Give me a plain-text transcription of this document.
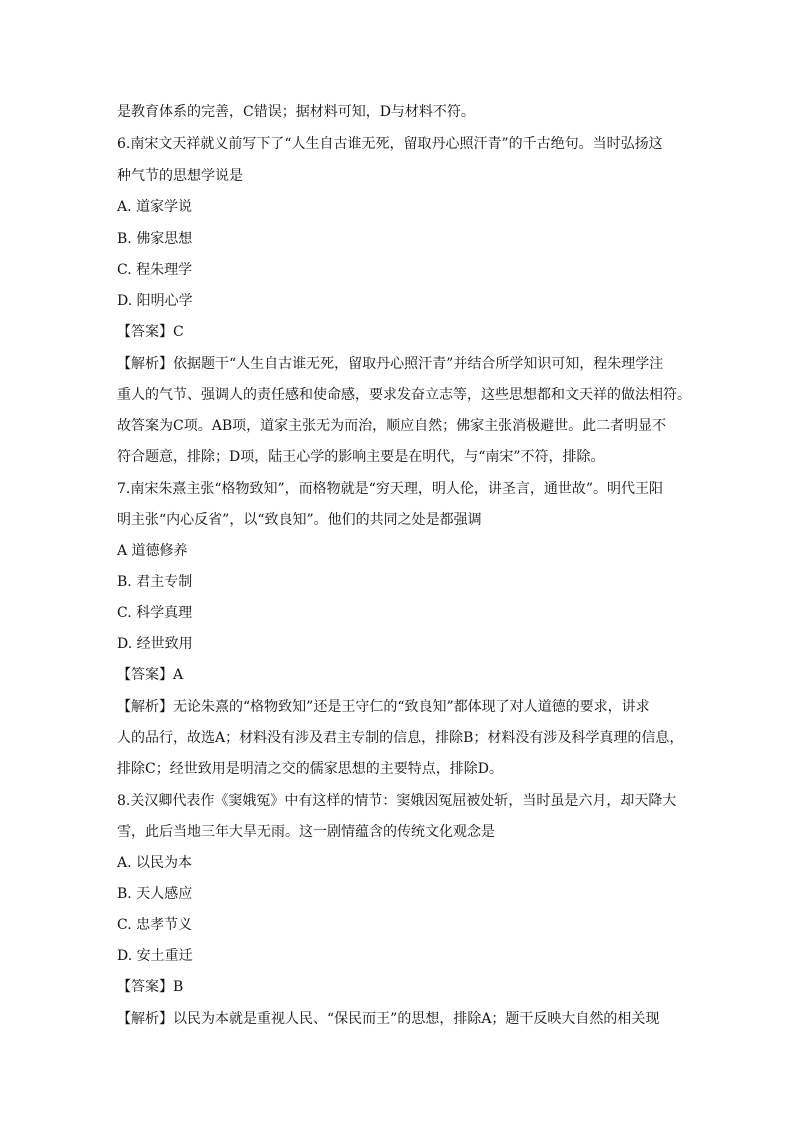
是教育体系的完善，C错误；据材料可知，D与材料不符。
6.南宋文天祥就义前写下了“人生自古谁无死，留取丹心照汗青”的千古绝句。当时弘扬这
种气节的思想学说是
A. 道家学说
B. 佛家思想
C. 程朱理学
D. 阳明心学
【答案】C
【解析】依据题干“人生自古谁无死，留取丹心照汗青”并结合所学知识可知，程朱理学注
重人的气节、强调人的责任感和使命感，要求发奋立志等，这些思想都和文天祥的做法相符。
故答案为C项。AB项，道家主张无为而治，顺应自然；佛家主张消极避世。此二者明显不
符合题意，排除；D项，陆王心学的影响主要是在明代，与“南宋”不符，排除。
7.南宋朱熹主张“格物致知”，而格物就是“穷天理，明人伦，讲圣言，通世故”。明代王阳
明主张“内心反省”，以“致良知”。他们的共同之处是都强调
A 道德修养
B. 君主专制
C. 科学真理
D. 经世致用
【答案】A
【解析】无论朱熹的“格物致知”还是王守仁的“致良知”都体现了对人道德的要求，讲求
人的品行，故选A；材料没有涉及君主专制的信息，排除B；材料没有涉及科学真理的信息，
排除C；经世致用是明清之交的儒家思想的主要特点，排除D。
8.关汉卿代表作《窦娥冤》中有这样的情节：窦娥因冤屈被处斩，当时虽是六月，却天降大
雪，此后当地三年大旱无雨。这一剧情蕴含的传统文化观念是
A. 以民为本
B. 天人感应
C. 忠孝节义
D. 安土重迁
【答案】B
【解析】以民为本就是重视人民、“保民而王”的思想，排除A；题干反映大自然的相关现
